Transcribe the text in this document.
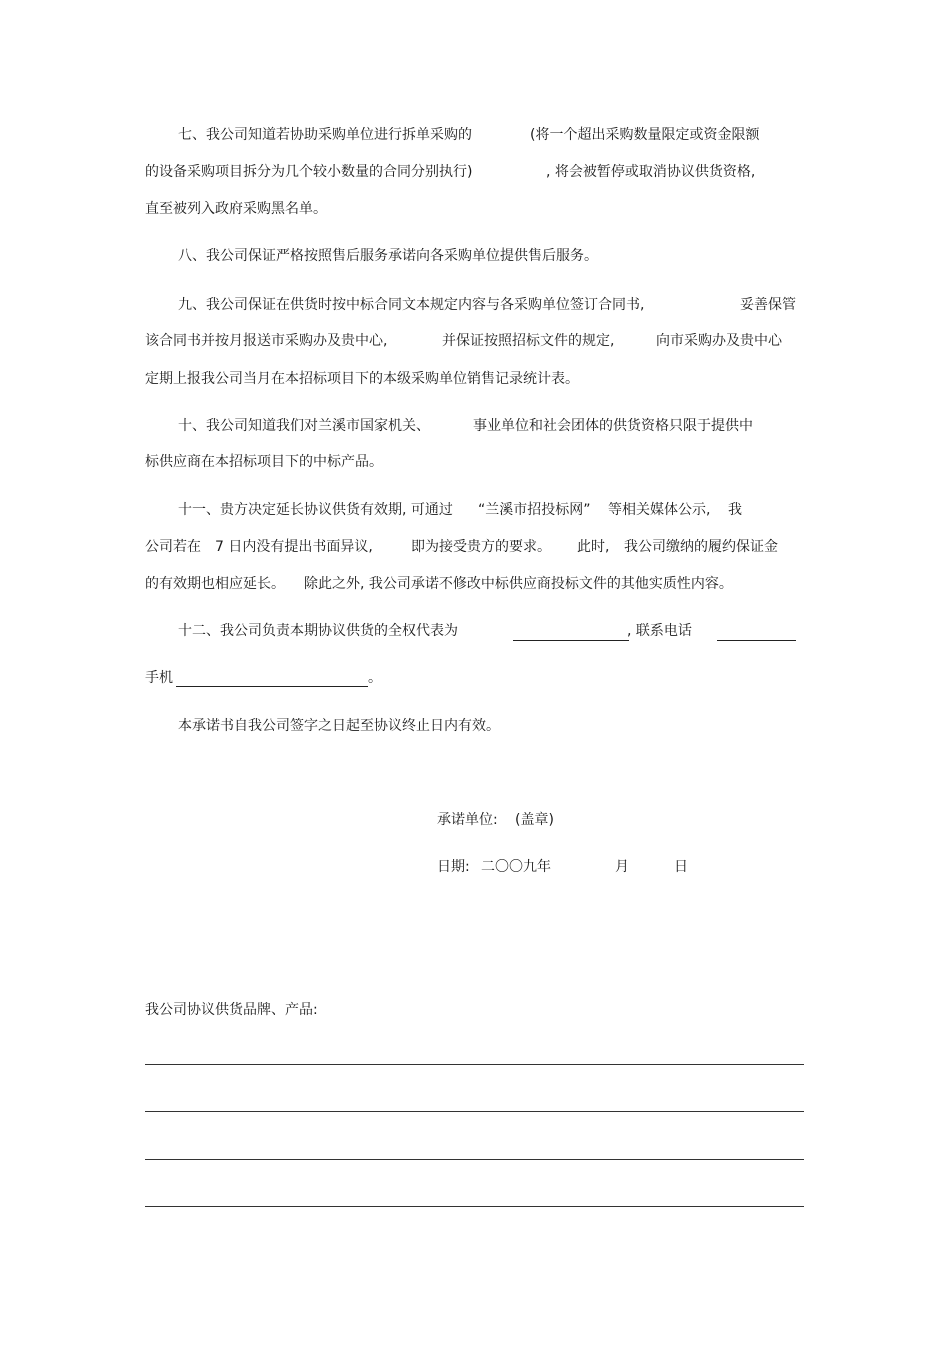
七、我公司知道若协助采购单位进行拆单采购的	(将一个超出采购数量限定或资金限额
的设备采购项目拆分为几个较小数量的合同分别执行)	, 将会被暂停或取消协议供货资格,
直至被列入政府采购黑名单。
八、我公司保证严格按照售后服务承诺向各采购单位提供售后服务。
九、我公司保证在供货时按中标合同文本规定内容与各采购单位签订合同书,	妥善保管
该合同书并按月报送市采购办及贵中心,	并保证按照招标文件的规定,	向市采购办及贵中心
定期上报我公司当月在本招标项目下的本级采购单位销售记录统计表。
十、我公司知道我们对兰溪市国家机关、	事业单位和社会团体的供货资格只限于提供中
标供应商在本招标项目下的中标产品。
十一、贵方决定延长协议供货有效期, 可通过 “兰溪市招投标网” 等相关媒体公示, 我
公司若在 7 日内没有提出书面异议,	即为接受贵方的要求。 此时, 我公司缴纳的履约保证金
的有效期也相应延长。 除此之外, 我公司承诺不修改中标供应商投标文件的其他实质性内容。
十二、我公司负责本期协议供货的全权代表为	, 联系电话
手机	。
本承诺书自我公司签字之日起至协议终止日内有效。
承诺单位: (盖章)
日期: 二〇〇九年	月	日
我公司协议供货品牌、产品:
